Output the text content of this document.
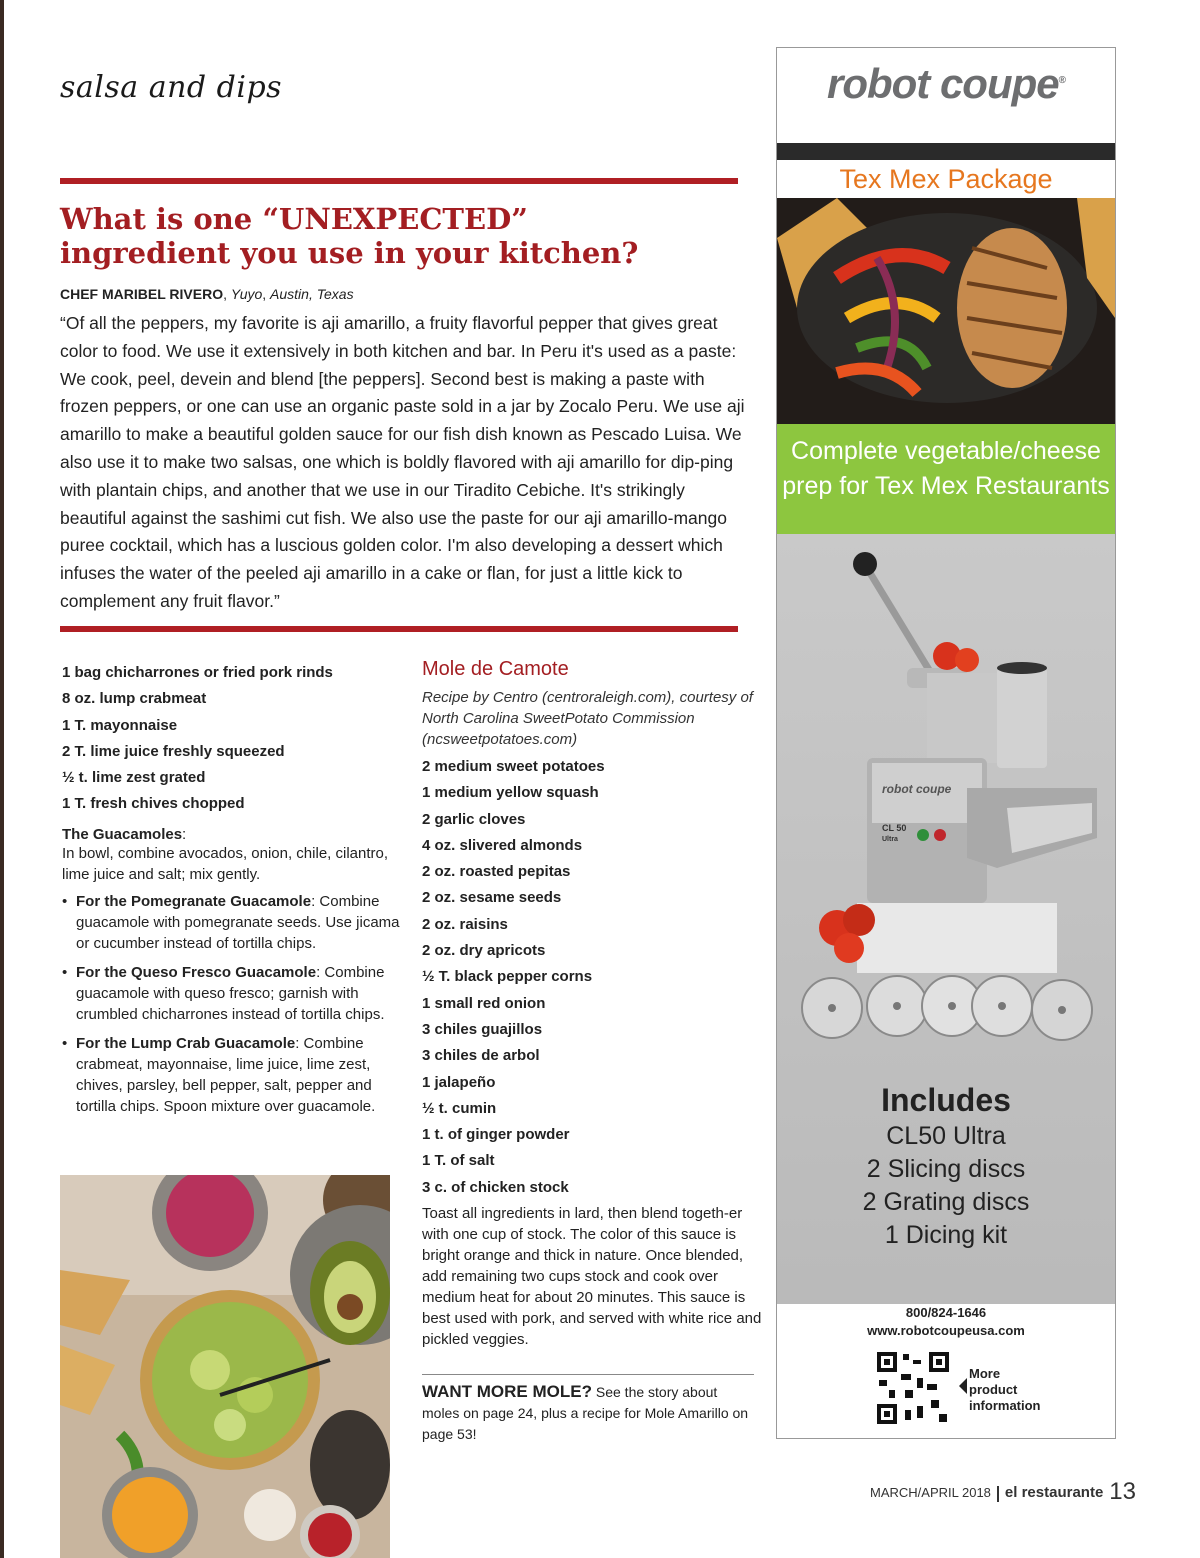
salsa and dips
What is one “UNEXPECTED”
ingredient you use in your kitchen?
CHEF MARIBEL RIVERO, Yuyo, Austin, Texas

“Of all the peppers, my favorite is aji amarillo, a fruity flavorful pepper that gives great color to food. We use it extensively in both kitchen and bar. In Peru it's used as a paste: We cook, peel, devein and blend [the peppers]. Second best is making a paste with frozen peppers, or one can use an organic paste sold in a jar by Zocalo Peru. We use aji amarillo to make a beautiful golden sauce for our fish dish known as Pescado Luisa. We also use it to make two salsas, one which is boldly flavored with aji amarillo for dip-ping with plantain chips, and another that we use in our Tiradito Cebiche. It's strikingly beautiful against the sashimi cut fish. We also use the paste for our aji amarillo-mango puree cocktail, which has a luscious golden color. I'm also developing a dessert which infuses the water of the peeled aji amarillo in a cake or flan, for just a little kick to complement any fruit flavor.”

1 bag chicharrones or fried pork rinds
8 oz. lump crabmeat
1 T. mayonnaise
2 T. lime juice freshly squeezed
½ t. lime zest grated
1 T. fresh chives chopped
The Guacamoles:
In bowl, combine avocados, onion, chile, cilantro, lime juice and salt; mix gently.
• For the Pomegranate Guacamole: Combine guacamole with pomegranate seeds. Use jicama or cucumber instead of tortilla chips.
• For the Queso Fresco Guacamole: Combine guacamole with queso fresco; garnish with crumbled chicharrones instead of tortilla chips.
• For the Lump Crab Guacamole: Combine crabmeat, mayonnaise, lime juice, lime zest, chives, parsley, bell pepper, salt, pepper and tortilla chips. Spoon mixture over guacamole.
Mole de Camote

Recipe by Centro (centroraleigh.com), courtesy of North Carolina SweetPotato Commission (ncsweetpotatoes.com)

2 medium sweet potatoes
1 medium yellow squash
2 garlic cloves
4 oz. slivered almonds
2 oz. roasted pepitas
2 oz. sesame seeds
2 oz. raisins
2 oz. dry apricots
½ T. black pepper corns
1 small red onion
3 chiles guajillos
3 chiles de arbol
1 jalapeño
½ t. cumin
1 t. of ginger powder
1 T. of salt
3 c. of chicken stock

Toast all ingredients in lard, then blend togeth-er with one cup of stock. The color of this sauce is bright orange and thick in nature. Once blended, add remaining two cups stock and cook over medium heat for about 20 minutes. This sauce is best used with pork, and served with white rice and pickled veggies.

WANT MORE MOLE? See the story about moles on page 24, plus a recipe for Mole Amarillo on page 53!
robot coupe®
Tex Mex Package
Complete vegetable/cheese
prep for Tex Mex Restaurants
robot coupe
CL 50
Ultra
Includes
CL50 Ultra
2 Slicing discs
2 Grating discs
1 Dicing kit
800/824-1646
www.robotcoupeusa.com
More
product
information
MARCH/APRIL 2018 el restaurante 13
